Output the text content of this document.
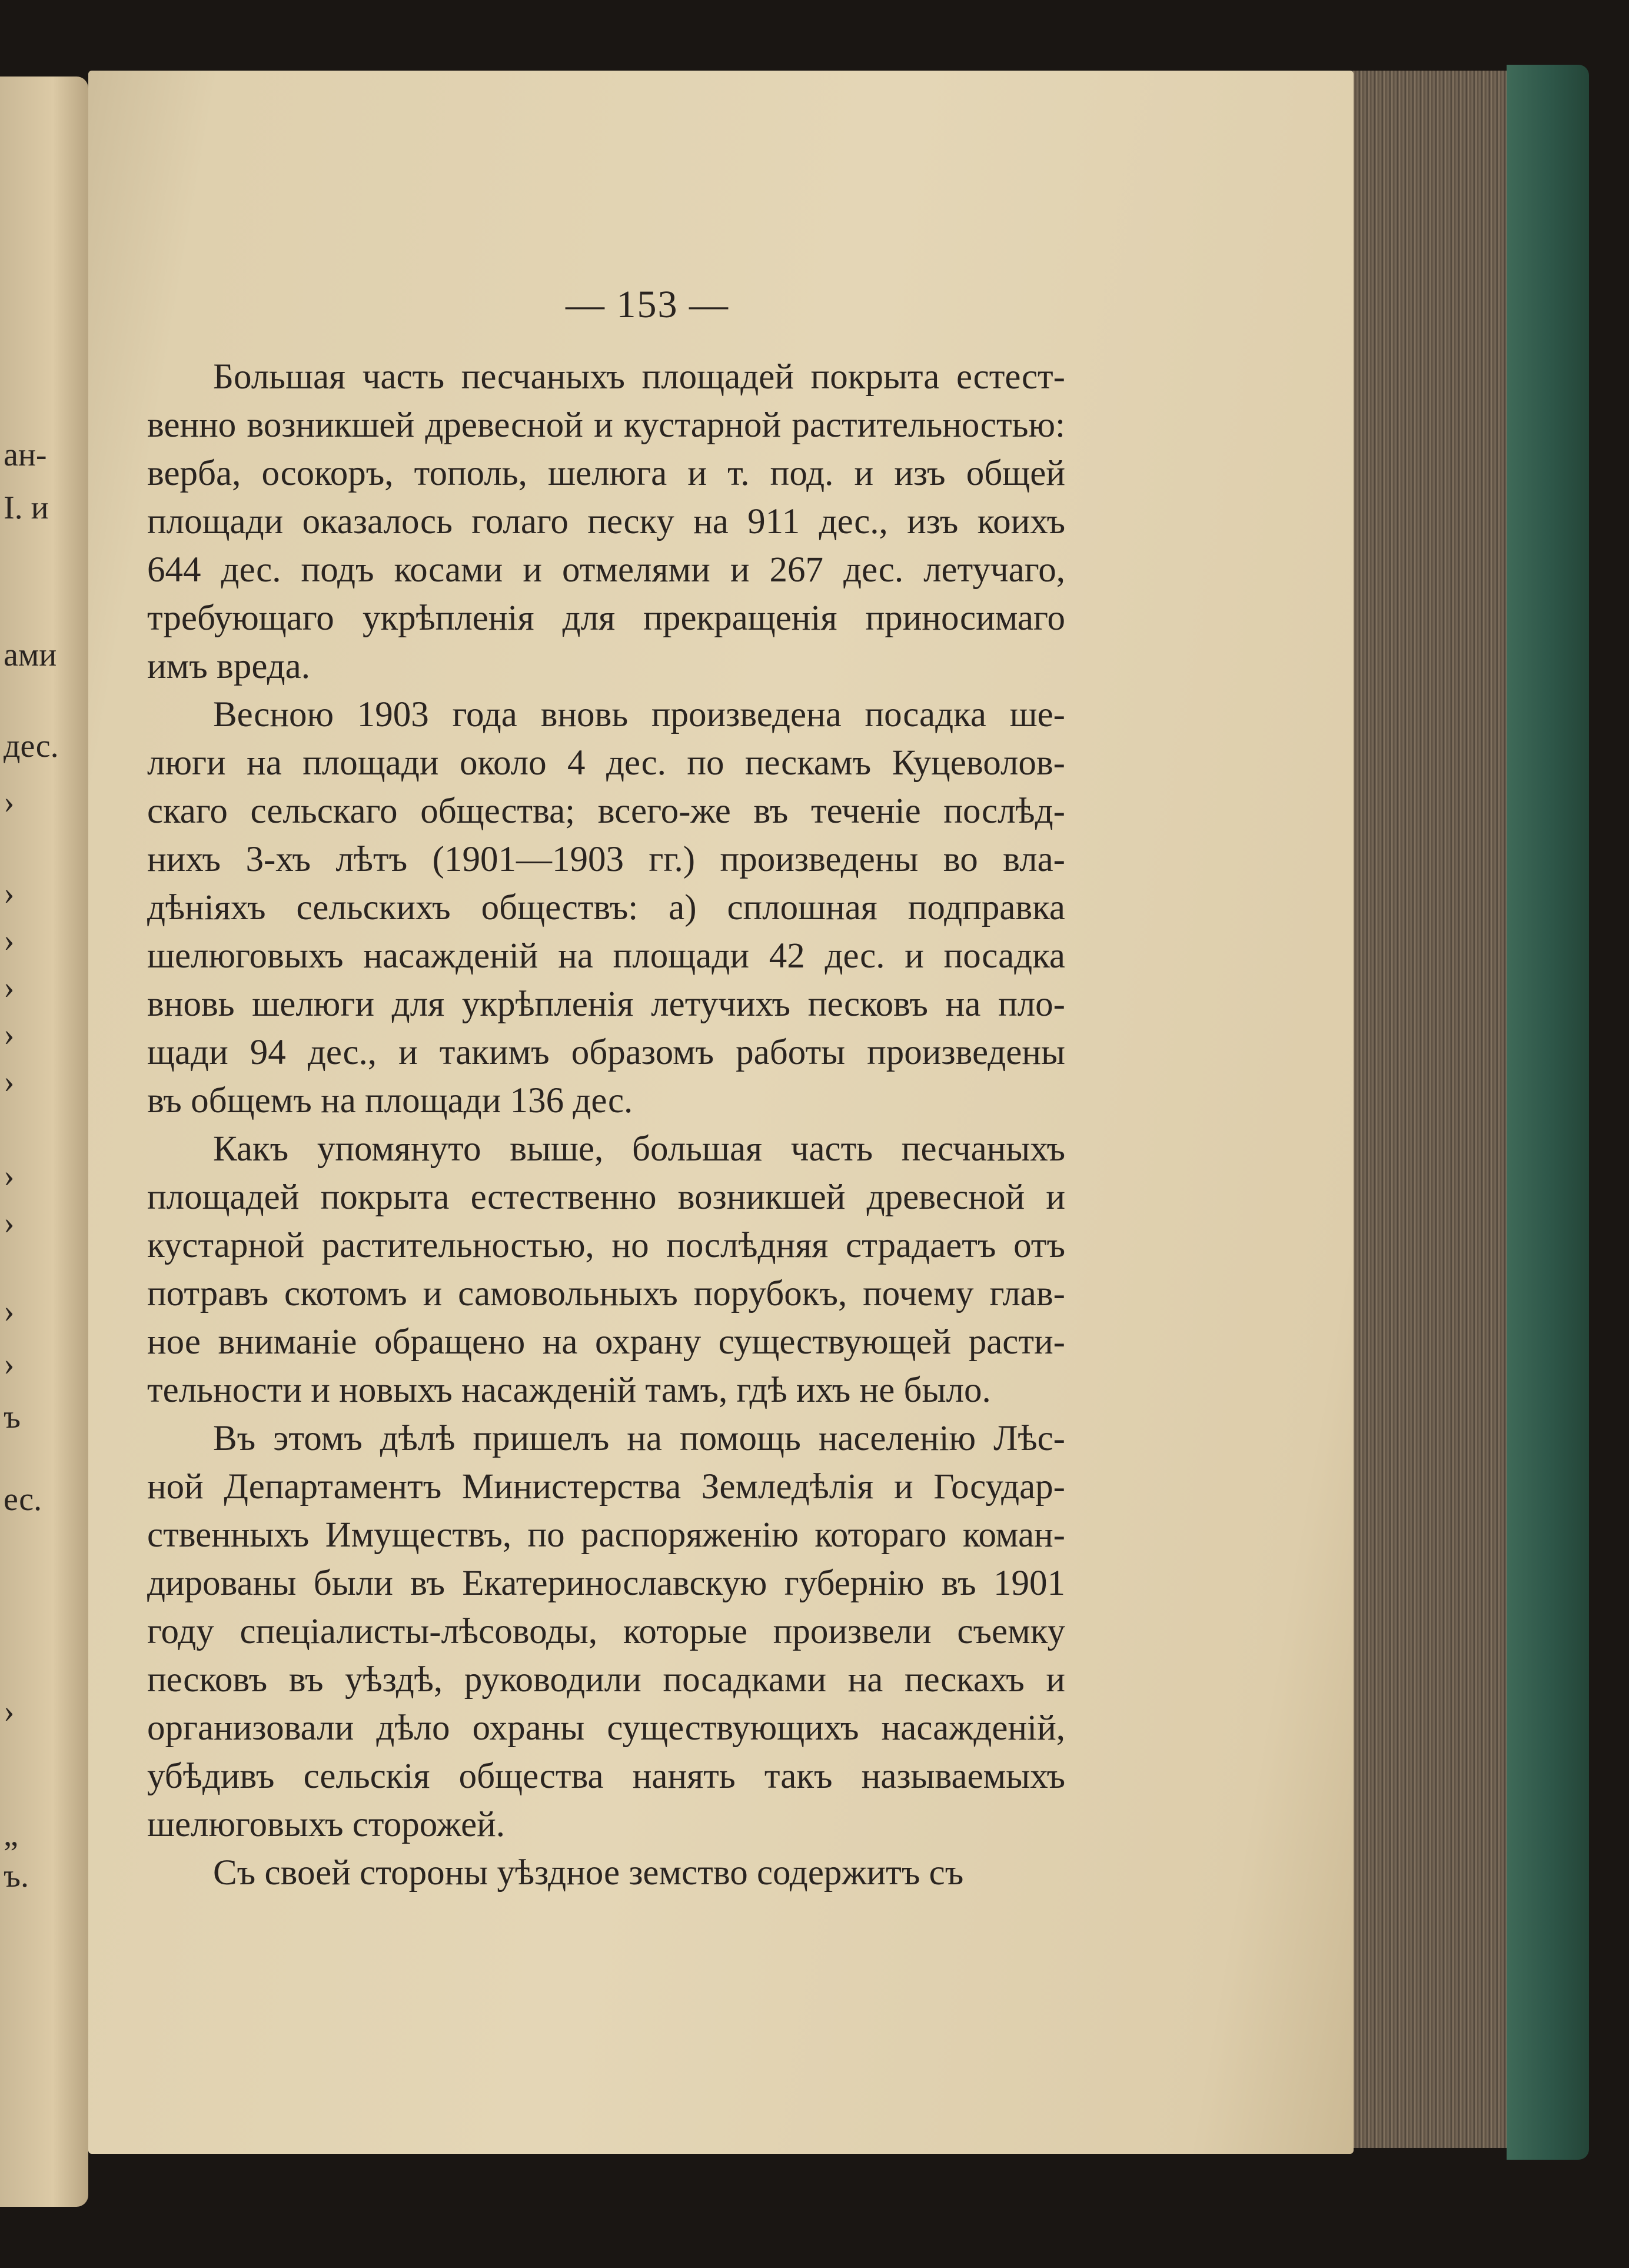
ан-
І. и
ами
дес.
›
›
›
›
›
›
›
›
›
›
ъ
ес.
›
„
ъ.
— 153 —
Большая часть песчаныхъ площадей покрыта естест-
венно возникшей древесной и кустарной растительностью:
верба, осокоръ, тополь, шелюга и т. под. и изъ общей
площади оказалось голаго песку на 911 дес., изъ коихъ
644 дес. подъ косами и отмелями и 267 дес. летучаго,
требующаго укрѣпленія для прекращенія приносимаго
имъ вреда.
Весною 1903 года вновь произведена посадка ше-
люги на площади около 4 дес. по пескамъ Куцеволов-
скаго сельскаго общества; всего-же въ теченіе послѣд-
нихъ 3-хъ лѣтъ (1901—1903 гг.) произведены во вла-
дѣніяхъ сельскихъ обществъ: а) сплошная подправка
шелюговыхъ насажденій на площади 42 дес. и посадка
вновь шелюги для укрѣпленія летучихъ песковъ на пло-
щади 94 дес., и такимъ образомъ работы произведены
въ общемъ на площади 136 дес.
Какъ упомянуто выше, большая часть песчаныхъ
площадей покрыта естественно возникшей древесной и
кустарной растительностью, но послѣдняя страдаетъ отъ
потравъ скотомъ и самовольныхъ порубокъ, почему глав-
ное вниманіе обращено на охрану существующей расти-
тельности и новыхъ насажденій тамъ, гдѣ ихъ не было.
Въ этомъ дѣлѣ пришелъ на помощь населенію Лѣс-
ной Департаментъ Министерства Земледѣлія и Государ-
ственныхъ Имуществъ, по распоряженію котораго коман-
дированы были въ Екатеринославскую губернію въ 1901
году спеціалисты-лѣсоводы, которые произвели съемку
песковъ въ уѣздѣ, руководили посадками на пескахъ и
организовали дѣло охраны существующихъ насажденій,
убѣдивъ сельскія общества нанять такъ называемыхъ
шелюговыхъ сторожей.
Съ своей стороны уѣздное земство содержитъ съ
